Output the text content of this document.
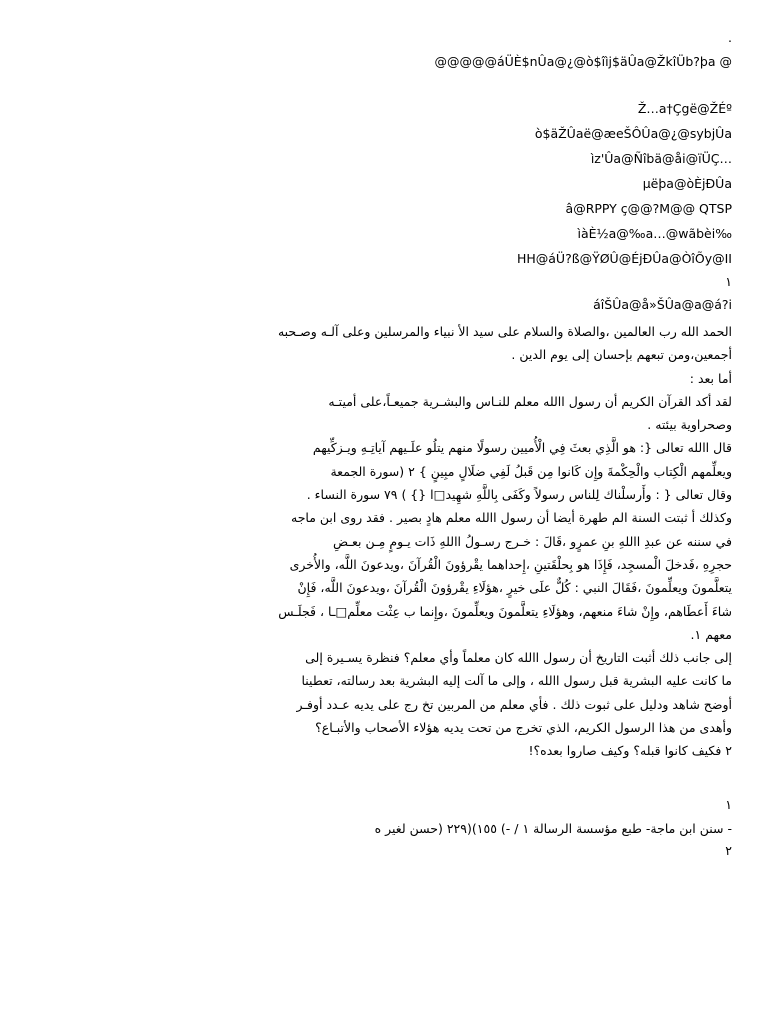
.
@@@@@áÜÈ$nÛa@¿@ò$îìj$äÛa@ŽkîÜb?þa @
Ž…a†Çgë@ŽÉº
ò$äŽÛaë@æeŠÔÛa@¿@sybjÛa
ìz'Ûa@Ñîbä@åi@ïÜÇ…
µëþa@òÈjÐÛa
â@RPPY ç@@?M@@ QTSP
ìàÈ½a@‰a…@wãbèi‰
HH@áÜ?ß@ŸØÛ@ÉjÐÛa@ÒîÕy@II
١
áîŠÛa@å»ŠÛa@a@á?i

الحمد الله رب العالمين ،والصلاة والسلام على سيد الأ نبياء والمرسلين وعلى آلـه وصـحبه

أجمعين،ومن تبعهم بإحسان إلى يوم الدين .

أما بعد :

لقد أكد القرآن الكريم أن رسول االله معلم للنـاس والبشـرية جميعـاً،على أميتـه

وصحراوية بيئته .

قال االله تعالى {: هو الَّذِي بعثَ فِي الْأُميين رسولًا منهم يتلُو علَـيهم آياتِـهِ ويـزكِّيهم

ويعلِّمهم الْكِتاب والْحِكْمةَ وإِن كَانوا مِن قَبلُ لَفِي ضلَالٍ مبِينٍ } ٢ (سورة الجمعة

وقال تعالى { : وأَرسلْناك لِلناس رسولاً وكَفَى بِاللَّهِ شهِيد□ا {} ) ٧٩ سورة النساء .

وكذلك أ ثبتت السنة الم طهرة أيضا أن رسول االله معلم هادٍ بصير . فقد روى ابن ماجه

في سننه عن عبدِ االلهِ بنِ عمرٍو ،قَالَ : خـرج رسـولُ االلهِ ذَات يـومٍ مِـن بعـضِ

حجرِهِ ،فَدخلَ الْمسجِد، فَإِذَا هو بِحلْقَتينِ ،إِحداهما يقْرؤونَ الْقُرآنَ ،ويدعونَ اللَّه، والأُخرى

يتعلَّمونَ ويعلِّمونَ ،فَقَالَ النبي : كُلٌّ علَى خيرٍ ،هؤلَاءِ يقْرؤونَ الْقُرآنَ ،ويدعونَ اللَّه، فَإِنْ

شاءَ أَعطَاهم، وإِنْ شاءَ منعهم، وهؤلَاءِ يتعلَّمونَ ويعلِّمونَ ،وإِنما ب عِثْت معلِّم□ـا ، فَجلَـس

معهم ١.

إلى جانب ذلك أثبت التاريخ أن رسول االله كان معلماً وأي معلم؟ فنظرة يسـيرة إلى

ما كانت عليه البشرية قبل رسول االله ، وإلى ما آلت إليه البشرية بعد رسالته، تعطينا

أوضح شاهد ودليل على ثبوت ذلك . فأي معلم من المربين تخ رج على يديه عـدد أوفـر

وأهدى من هذا الرسول الكريم، الذي تخرج من تحت يديه هؤلاء الأصحاب والأتبـاع؟

٢ فكيف كانوا قبله؟ وكيف صاروا بعده؟!

١
- سنن ابن ماجة- طبع مؤسسة الرسالة ١ / -) ١٥٥)(٢٢٩ (حسن لغير ه
٢
